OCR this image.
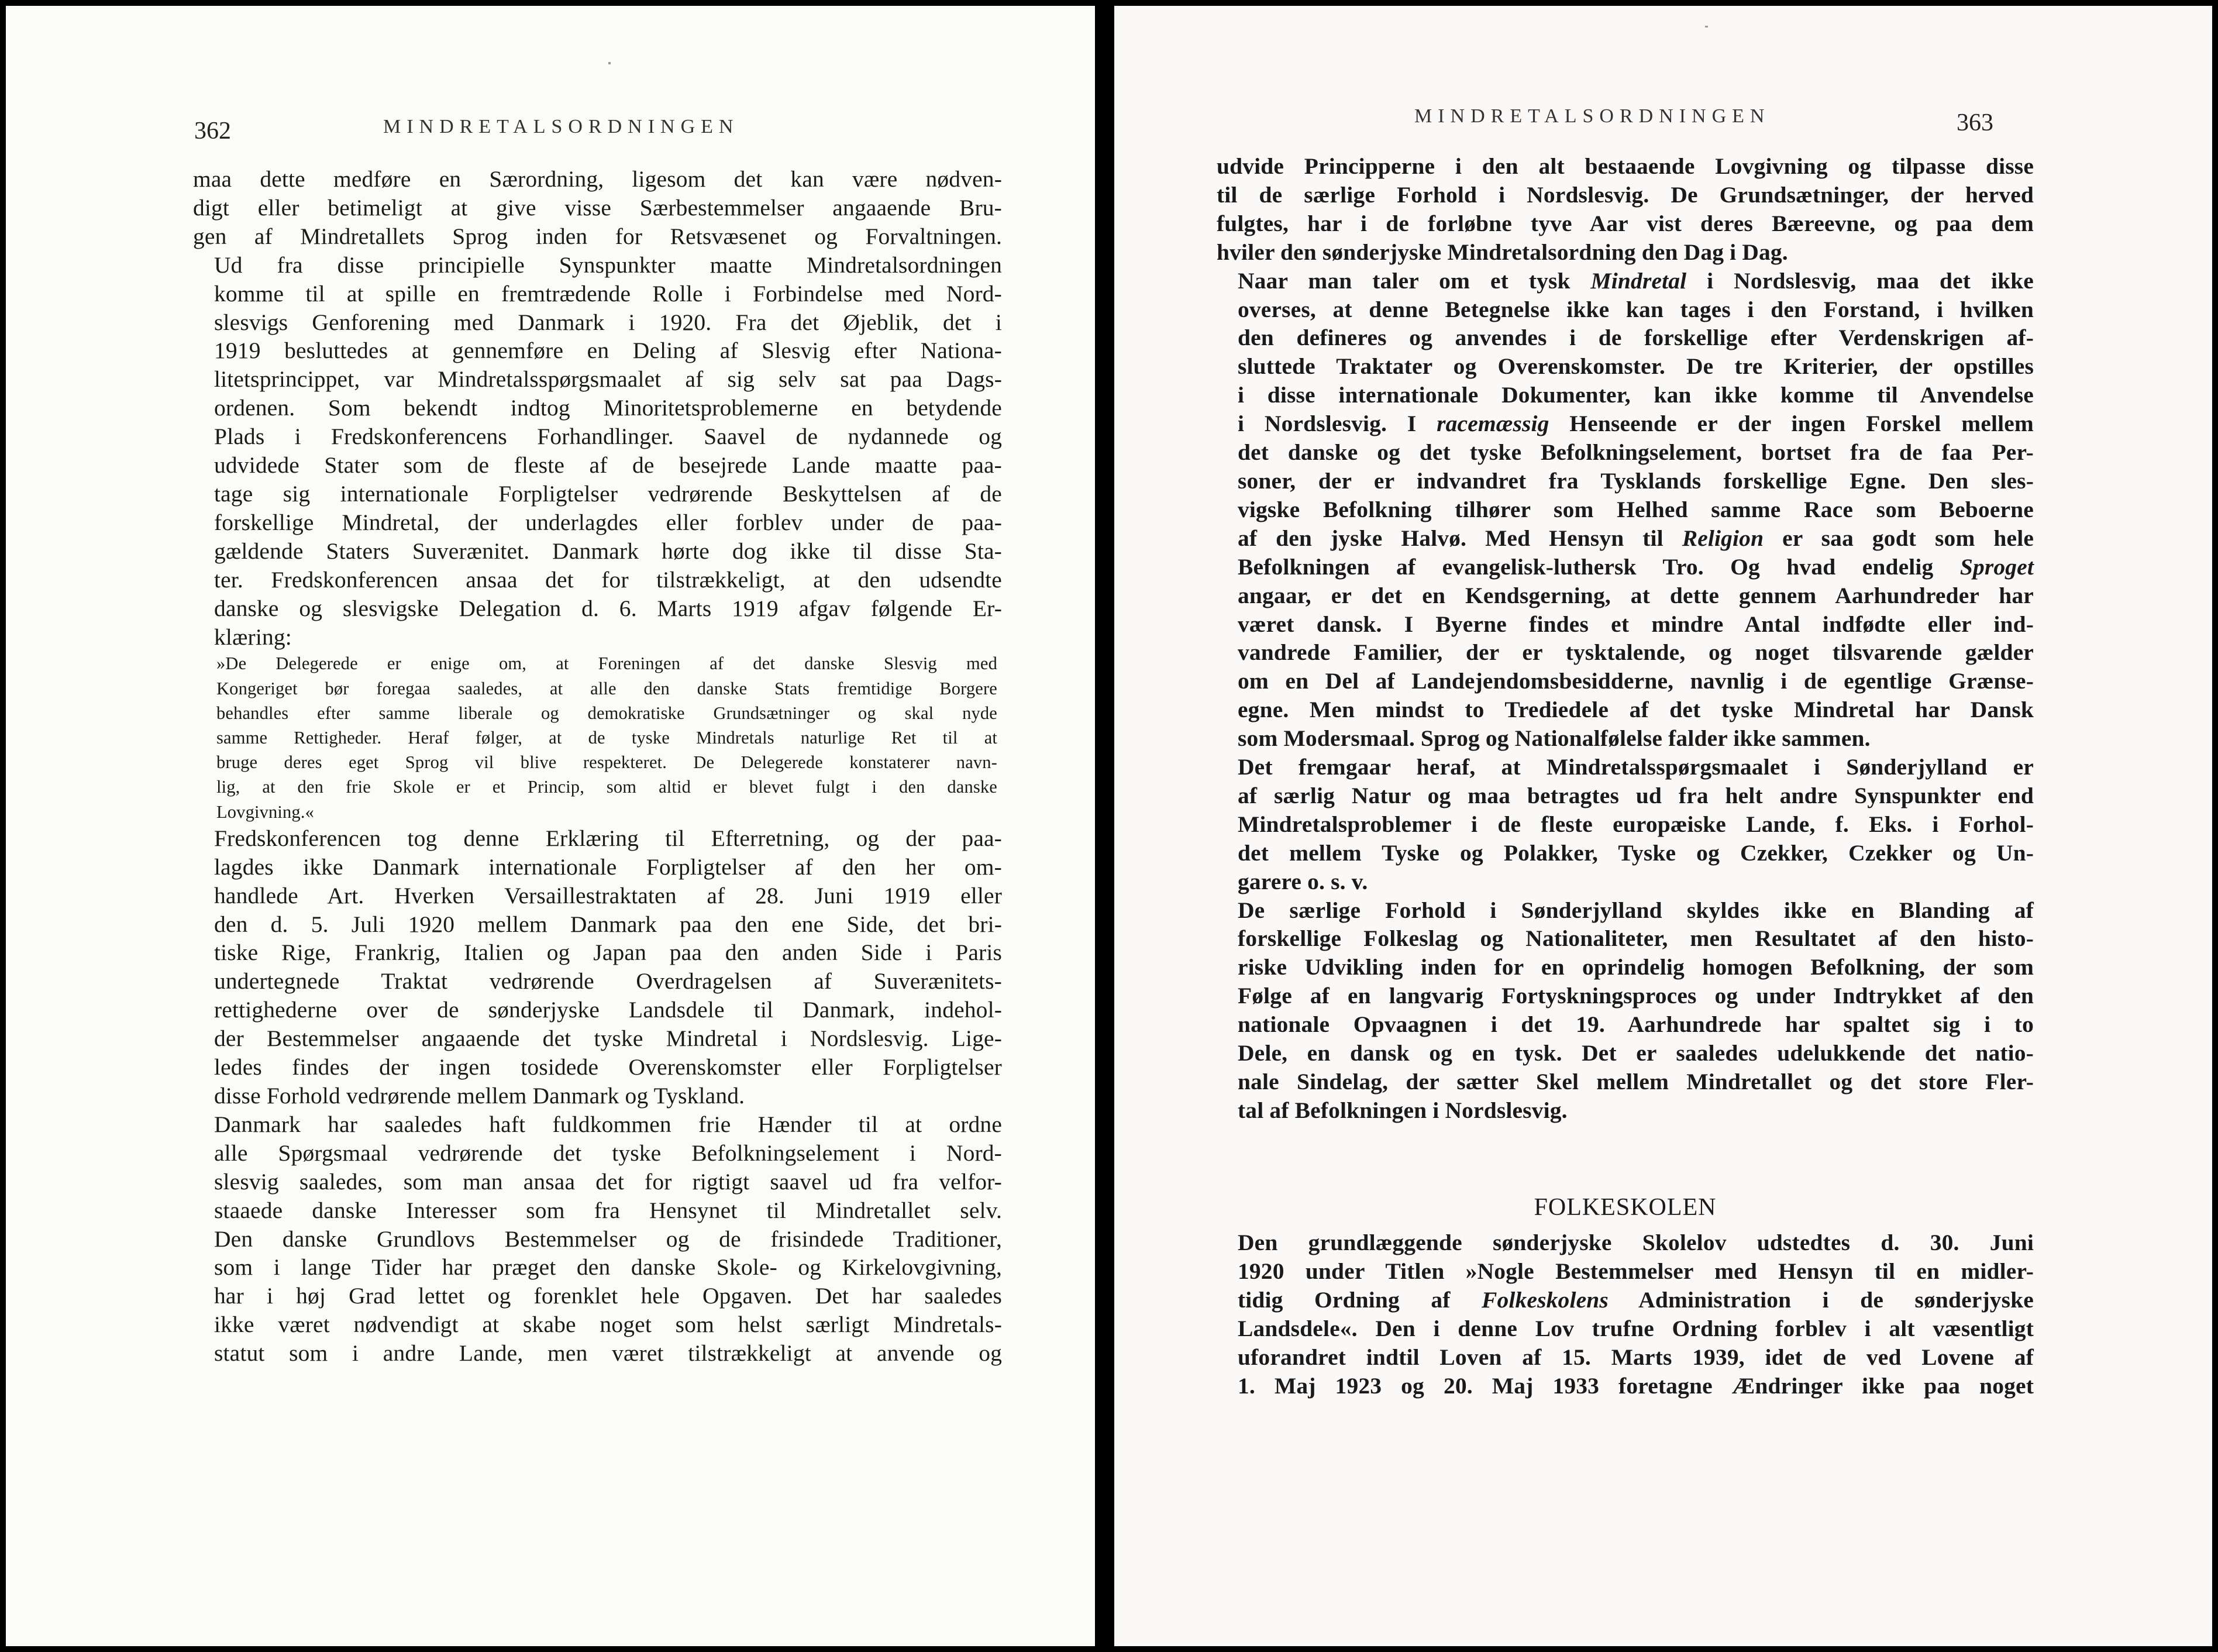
362	MINDRETALSORDNINGEN

maa dette medføre en Særordning, ligesom det kan være nødven-
digt eller betimeligt at give visse Særbestemmelser angaaende Bru-
gen af Mindretallets Sprog inden for Retsvæsenet og Forvaltningen.

Ud fra disse principielle Synspunkter maatte Mindretalsordningen
komme til at spille en fremtrædende Rolle i Forbindelse med Nord-
slesvigs Genforening med Danmark i 1920. Fra det Øjeblik, det i
1919 besluttedes at gennemføre en Deling af Slesvig efter Nationa-
litetsprincippet, var Mindretalsspørgsmaalet af sig selv sat paa Dags-
ordenen. Som bekendt indtog Minoritetsproblemerne en betydende
Plads i Fredskonferencens Forhandlinger. Saavel de nydannede og
udvidede Stater som de fleste af de besejrede Lande maatte paa-
tage sig internationale Forpligtelser vedrørende Beskyttelsen af de
forskellige Mindretal, der underlagdes eller forblev under de paa-
gældende Staters Suverænitet. Danmark hørte dog ikke til disse Sta-
ter. Fredskonferencen ansaa det for tilstrækkeligt, at den udsendte
danske og slesvigske Delegation d. 6. Marts 1919 afgav følgende Er-
klæring:

»De Delegerede er enige om, at Foreningen af det danske Slesvig med
Kongeriget bør foregaa saaledes, at alle den danske Stats fremtidige Borgere
behandles efter samme liberale og demokratiske Grundsætninger og skal nyde
samme Rettigheder. Heraf følger, at de tyske Mindretals naturlige Ret til at
bruge deres eget Sprog vil blive respekteret. De Delegerede konstaterer navn-
lig, at den frie Skole er et Princip, som altid er blevet fulgt i den danske
Lovgivning.«

Fredskonferencen tog denne Erklæring til Efterretning, og der paa-
lagdes ikke Danmark internationale Forpligtelser af den her om-
handlede Art. Hverken Versaillestraktaten af 28. Juni 1919 eller
den d. 5. Juli 1920 mellem Danmark paa den ene Side, det bri-
tiske Rige, Frankrig, Italien og Japan paa den anden Side i Paris
undertegnede Traktat vedrørende Overdragelsen af Suverænitets-
rettighederne over de sønderjyske Landsdele til Danmark, indehol-
der Bestemmelser angaaende det tyske Mindretal i Nordslesvig. Lige-
ledes findes der ingen tosidede Overenskomster eller Forpligtelser
disse Forhold vedrørende mellem Danmark og Tyskland.

Danmark har saaledes haft fuldkommen frie Hænder til at ordne
alle Spørgsmaal vedrørende det tyske Befolkningselement i Nord-
slesvig saaledes, som man ansaa det for rigtigt saavel ud fra velfor-
staaede danske Interesser som fra Hensynet til Mindretallet selv.
Den danske Grundlovs Bestemmelser og de frisindede Traditioner,
som i lange Tider har præget den danske Skole- og Kirkelovgivning,
har i høj Grad lettet og forenklet hele Opgaven. Det har saaledes
ikke været nødvendigt at skabe noget som helst særligt Mindretals-
statut som i andre Lande, men været tilstrækkeligt at anvende og

MINDRETALSORDNINGEN	363

udvide Principperne i den alt bestaaende Lovgivning og tilpasse disse
til de særlige Forhold i Nordslesvig. De Grundsætninger, der herved
fulgtes, har i de forløbne tyve Aar vist deres Bæreevne, og paa dem
hviler den sønderjyske Mindretalsordning den Dag i Dag.

Naar man taler om et tysk Mindretal i Nordslesvig, maa det ikke
overses, at denne Betegnelse ikke kan tages i den Forstand, i hvilken
den defineres og anvendes i de forskellige efter Verdenskrigen af-
sluttede Traktater og Overenskomster. De tre Kriterier, der opstilles
i disse internationale Dokumenter, kan ikke komme til Anvendelse
i Nordslesvig. I racemæssig Henseende er der ingen Forskel mellem
det danske og det tyske Befolkningselement, bortset fra de faa Per-
soner, der er indvandret fra Tysklands forskellige Egne. Den sles-
vigske Befolkning tilhører som Helhed samme Race som Beboerne
af den jyske Halvø. Med Hensyn til Religion er saa godt som hele
Befolkningen af evangelisk-luthersk Tro. Og hvad endelig Sproget
angaar, er det en Kendsgerning, at dette gennem Aarhundreder har
været dansk. I Byerne findes et mindre Antal indfødte eller ind-
vandrede Familier, der er tysktalende, og noget tilsvarende gælder
om en Del af Landejendomsbesidderne, navnlig i de egentlige Grænse-
egne. Men mindst to Trediedele af det tyske Mindretal har Dansk
som Modersmaal. Sprog og Nationalfølelse falder ikke sammen.

Det fremgaar heraf, at Mindretalsspørgsmaalet i Sønderjylland er
af særlig Natur og maa betragtes ud fra helt andre Synspunkter end
Mindretalsproblemer i de fleste europæiske Lande, f. Eks. i Forhol-
det mellem Tyske og Polakker, Tyske og Czekker, Czekker og Un-
garere o. s. v.

De særlige Forhold i Sønderjylland skyldes ikke en Blanding af
forskellige Folkeslag og Nationaliteter, men Resultatet af den histo-
riske Udvikling inden for en oprindelig homogen Befolkning, der som
Følge af en langvarig Fortyskningsproces og under Indtrykket af den
nationale Opvaagnen i det 19. Aarhundrede har spaltet sig i to
Dele, en dansk og en tysk. Det er saaledes udelukkende det natio-
nale Sindelag, der sætter Skel mellem Mindretallet og det store Fler-
tal af Befolkningen i Nordslesvig.

FOLKESKOLEN

Den grundlæggende sønderjyske Skolelov udstedtes d. 30. Juni
1920 under Titlen »Nogle Bestemmelser med Hensyn til en midler-
tidig Ordning af Folkeskolens Administration i de sønderjyske
Landsdele«. Den i denne Lov trufne Ordning forblev i alt væsentligt
uforandret indtil Loven af 15. Marts 1939, idet de ved Lovene af
1. Maj 1923 og 20. Maj 1933 foretagne Ændringer ikke paa noget
